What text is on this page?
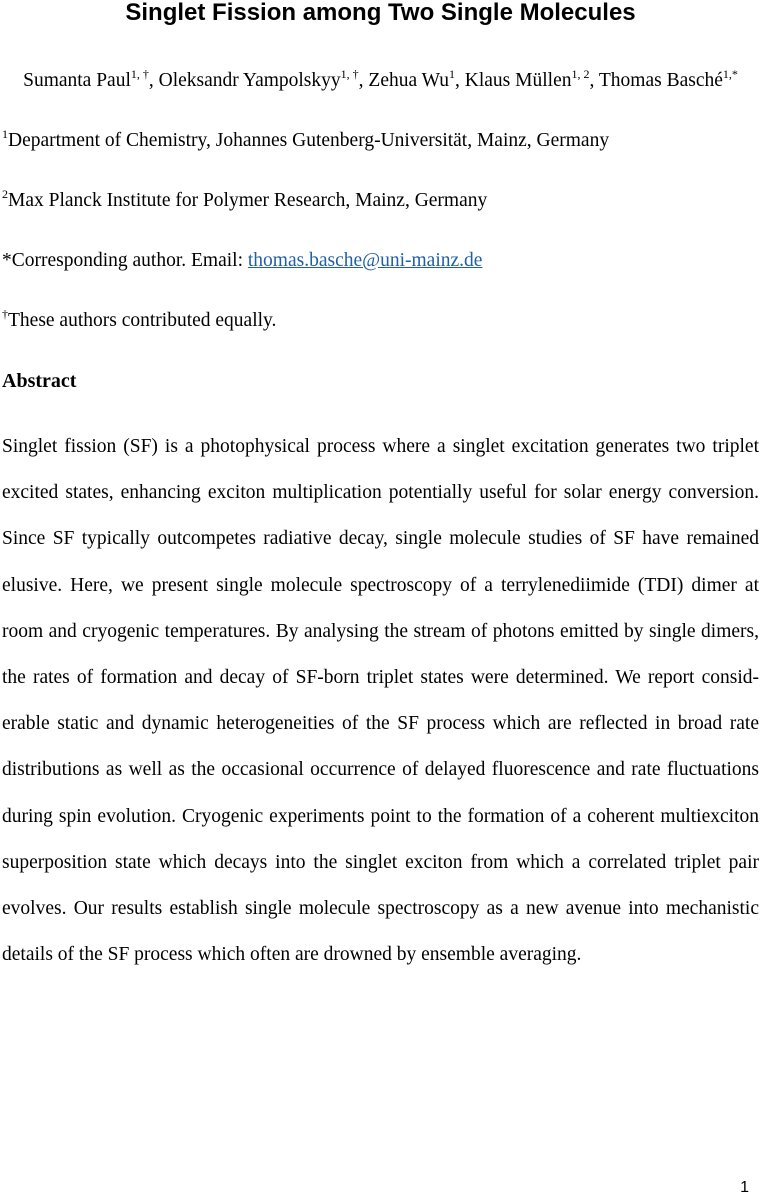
Singlet Fission among Two Single Molecules
Sumanta Paul$^{1, \dagger}$, Oleksandr Yampolskyy$^{1, \dagger}$, Zehua Wu$^1$, Klaus Müllen$^{1, 2}$, Thomas Basché$^{1,*}$
$^1$Department of Chemistry, Johannes Gutenberg-Universität, Mainz, Germany
$^2$Max Planck Institute for Polymer Research, Mainz, Germany
*Corresponding author. Email: thomas.basche@uni-mainz.de
†These authors contributed equally.
Abstract

Singlet fission (SF) is a photophysical process where a singlet excitation generates two triplet excited states, enhancing exciton multiplication potentially useful for solar energy conversion. Since SF typically outcompetes radiative decay, single molecule studies of SF have remained elusive. Here, we present single molecule spectroscopy of a terrylenediimide (TDI) dimer at room and cryogenic temperatures. By analysing the stream of photons emitted by single dimers, the rates of formation and decay of SF-born triplet states were determined. We report considerable static and dynamic heterogeneities of the SF process which are reflected in broad rate distributions as well as the occasional occurrence of delayed fluorescence and rate fluctuations during spin evolution. Cryogenic experiments point to the formation of a coherent multiexciton superposition state which decays into the singlet exciton from which a correlated triplet pair evolves. Our results establish single molecule spectroscopy as a new avenue into mechanistic details of the SF process which often are drowned by ensemble averaging.

1
